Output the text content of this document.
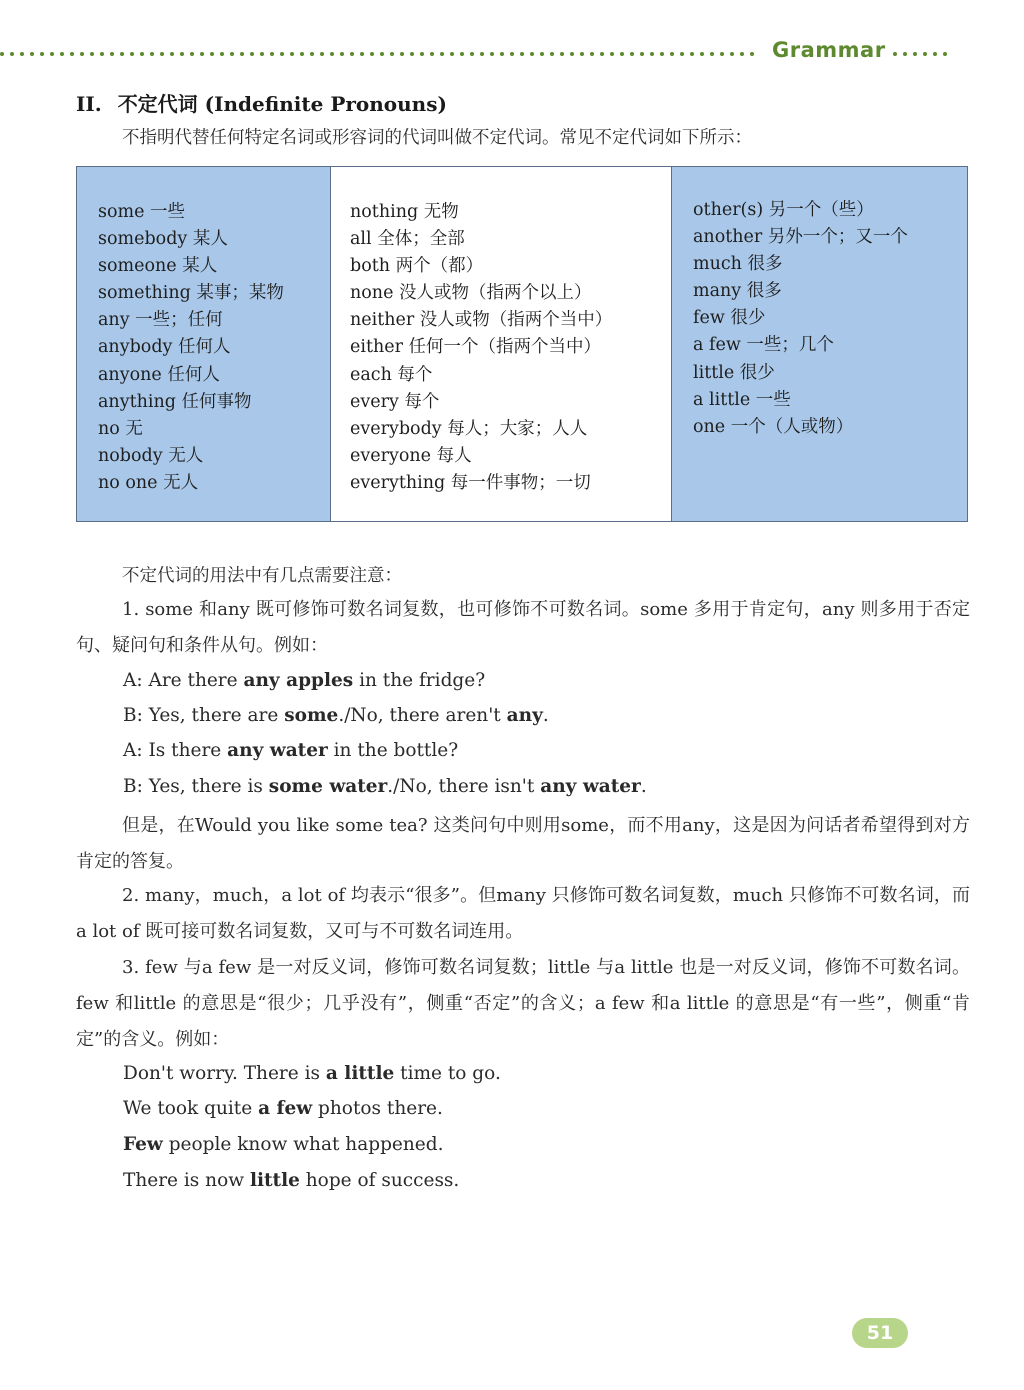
Grammar
II. 不定代词 (Indefinite Pronouns)
不指明代替任何特定名词或形容词的代词叫做不定代词。常见不定代词如下所示：
some 一些
somebody 某人
someone 某人
something 某事；某物
any 一些；任何
anybody 任何人
anyone 任何人
anything 任何事物
no 无
nobody 无人
no one 无人
nothing 无物
all 全体；全部
both 两个（都）
none 没人或物（指两个以上）
neither 没人或物（指两个当中）
either 任何一个（指两个当中）
each 每个
every 每个
everybody 每人；大家；人人
everyone 每人
everything 每一件事物；一切
other(s) 另一个（些）
another 另外一个；又一个
much 很多
many 很多
few 很少
a few 一些；几个
little 很少
a little 一些
one 一个（人或物）
不定代词的用法中有几点需要注意：
1. some 和any 既可修饰可数名词复数，也可修饰不可数名词。some 多用于肯定句，any 则多用于否定句、疑问句和条件从句。例如：
A: Are there any apples in the fridge?
B: Yes, there are some./No, there aren't any.
A: Is there any water in the bottle?
B: Yes, there is some water./No, there isn't any water.
但是，在Would you like some tea? 这类问句中则用some，而不用any，这是因为问话者希望得到对方肯定的答复。
2. many，much，a lot of 均表示“很多”。但many 只修饰可数名词复数，much 只修饰不可数名词，而a lot of 既可接可数名词复数，又可与不可数名词连用。
3. few 与a few 是一对反义词，修饰可数名词复数；little 与a little 也是一对反义词，修饰不可数名词。few 和little 的意思是“很少；几乎没有”，侧重“否定”的含义；a few 和a little 的意思是“有一些”，侧重“肯定”的含义。例如：
Don't worry. There is a little time to go.
We took quite a few photos there.
Few people know what happened.
There is now little hope of success.
51
